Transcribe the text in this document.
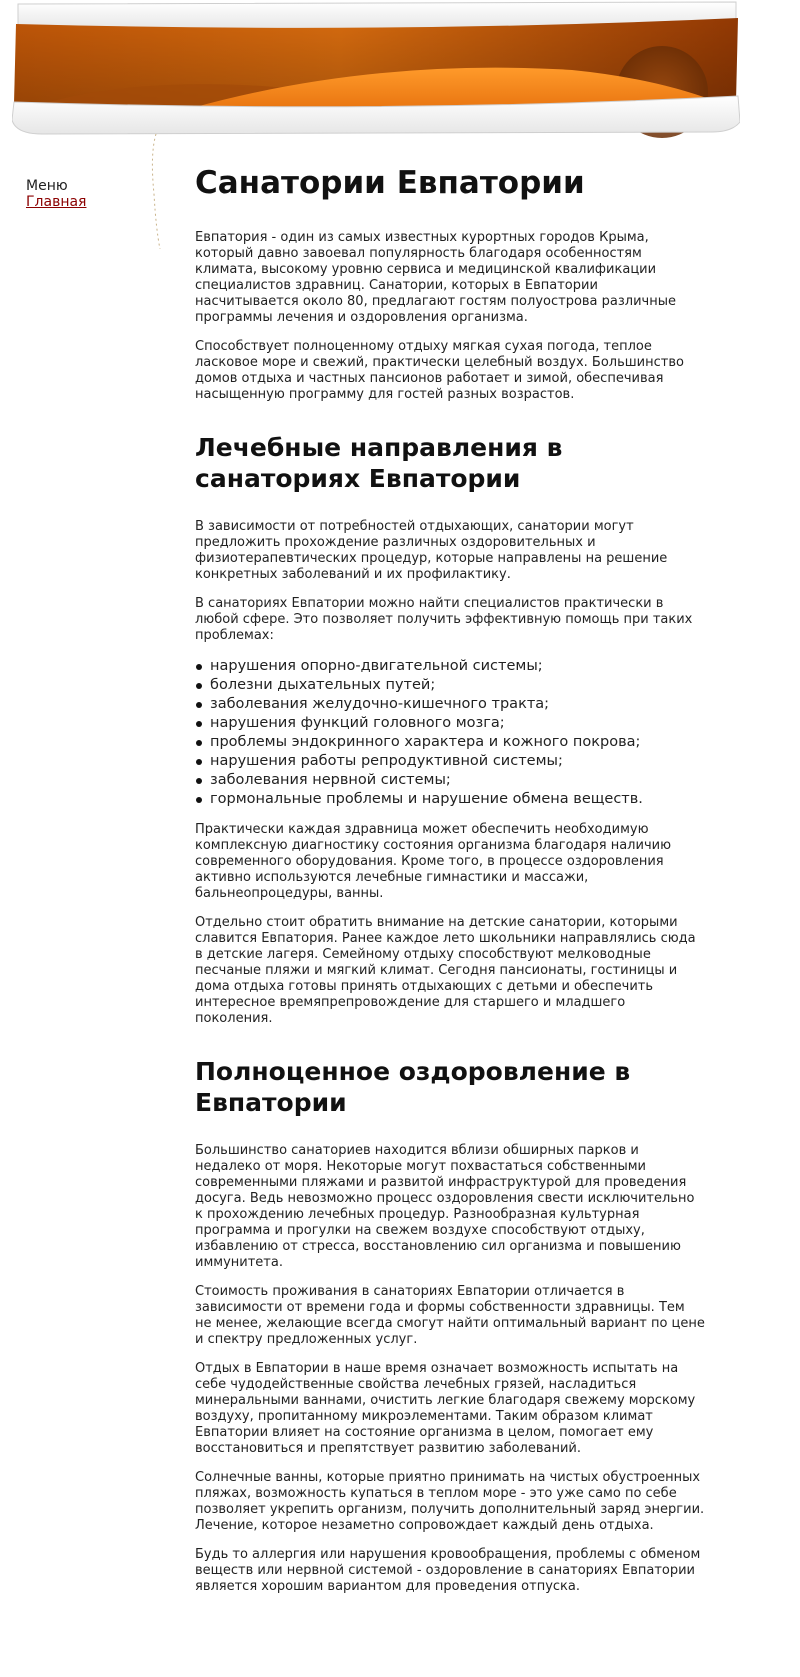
Меню
Главная
Санатории Евпатории

Евпатория - один из самых известных курортных городов Крыма, который давно завоевал популярность благодаря особенностям климата, высокому уровню сервиса и медицинской квалификации специалистов здравниц. Санатории, которых в Евпатории насчитывается около 80, предлагают гостям полуострова различные программы лечения и оздоровления организма.

Способствует полноценному отдыху мягкая сухая погода, теплое ласковое море и свежий, практически целебный воздух. Большинство домов отдыха и частных пансионов работает и зимой, обеспечивая насыщенную программу для гостей разных возрастов.

Лечебные направления в санаториях Евпатории

В зависимости от потребностей отдыхающих, санатории могут предложить прохождение различных оздоровительных и физиотерапевтических процедур, которые направлены на решение конкретных заболеваний и их профилактику.

В санаториях Евпатории можно найти специалистов практически в любой сфере. Это позволяет получить эффективную помощь при таких проблемах:

нарушения опорно-двигательной системы;
болезни дыхательных путей;
заболевания желудочно-кишечного тракта;
нарушения функций головного мозга;
проблемы эндокринного характера и кожного покрова;
нарушения работы репродуктивной системы;
заболевания нервной системы;
гормональные проблемы и нарушение обмена веществ.

Практически каждая здравница может обеспечить необходимую комплексную диагностику состояния организма благодаря наличию современного оборудования. Кроме того, в процессе оздоровления активно используются лечебные гимнастики и массажи, бальнеопроцедуры, ванны.

Отдельно стоит обратить внимание на детские санатории, которыми славится Евпатория. Ранее каждое лето школьники направлялись сюда в детские лагеря. Семейному отдыху способствуют мелководные песчаные пляжи и мягкий климат. Сегодня пансионаты, гостиницы и дома отдыха готовы принять отдыхающих с детьми и обеспечить интересное времяпрепровождение для старшего и младшего поколения.

Полноценное оздоровление в Евпатории

Большинство санаториев находится вблизи обширных парков и недалеко от моря. Некоторые могут похвастаться собственными современными пляжами и развитой инфраструктурой для проведения досуга. Ведь невозможно процесс оздоровления свести исключительно к прохождению лечебных процедур. Разнообразная культурная программа и прогулки на свежем воздухе способствуют отдыху, избавлению от стресса, восстановлению сил организма и повышению иммунитета.

Стоимость проживания в санаториях Евпатории отличается в зависимости от времени года и формы собственности здравницы. Тем не менее, желающие всегда смогут найти оптимальный вариант по цене и спектру предложенных услуг.

Отдых в Евпатории в наше время означает возможность испытать на себе чудодейственные свойства лечебных грязей, насладиться минеральными ваннами, очистить легкие благодаря свежему морскому воздуху, пропитанному микроэлементами. Таким образом климат Евпатории влияет на состояние организма в целом, помогает ему восстановиться и препятствует развитию заболеваний.

Солнечные ванны, которые приятно принимать на чистых обустроенных пляжах, возможность купаться в теплом море - это уже само по себе позволяет укрепить организм, получить дополнительный заряд энергии. Лечение, которое незаметно сопровождает каждый день отдыха.

Будь то аллергия или нарушения кровообращения, проблемы с обменом веществ или нервной системой - оздоровление в санаториях Евпатории является хорошим вариантом для проведения отпуска.
